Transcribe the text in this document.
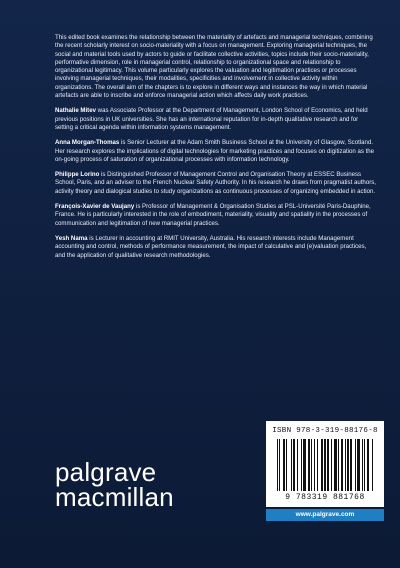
This edited book examines the relationship between the materiality of artefacts and managerial techniques, combining the recent scholarly interest on socio-materiality with a focus on management. Exploring managerial techniques, the social and material tools used by actors to guide or facilitate collective activities, topics include their socio-materiality, performative dimension, role in managerial control, relationship to organizational space and relationship to organizational legitimacy. This volume particularly explores the valuation and legitimation practices or processes involving managerial techniques, their modalities, specificities and involvement in collective activity within organizations. The overall aim of the chapters is to explore in different ways and instances the way in which material artefacts are able to inscribe and enforce managerial action which affects daily work practices.

Nathalie Mitev was Associate Professor at the Department of Management, London School of Economics, and held previous positions in UK universities. She has an international reputation for in-depth qualitative research and for setting a critical agenda within information systems management.

Anna Morgan-Thomas is Senior Lecturer at the Adam Smith Business School at the University of Glasgow, Scotland. Her research explores the implications of digital technologies for marketing practices and focuses on digitization as the on-going process of saturation of organizational processes with information technology.

Philippe Lorino is Distinguished Professor of Management Control and Organisation Theory at ESSEC Business School, Paris, and an adviser to the French Nuclear Safety Authority. In his research he draws from pragmatist authors, activity theory and dialogical studies to study organizations as continuous processes of organizing embedded in action.

François-Xavier de Vaujany is Professor of Management & Organisation Studies at PSL-Université Paris-Dauphine, France. He is particularly interested in the role of embodiment, materiality, visuality and spatiality in the processes of communication and legitimation of new managerial practices.

Yesh Nama is Lecturer in accounting at RMIT University, Australia. His research interests include Management accounting and control, methods of performance measurement, the impact of calculative and (e)valuation practices, and the application of qualitative research methodologies.

palgrave
macmillan
ISBN 978-3-319-88176-8
9 783319 881768
www.palgrave.com
